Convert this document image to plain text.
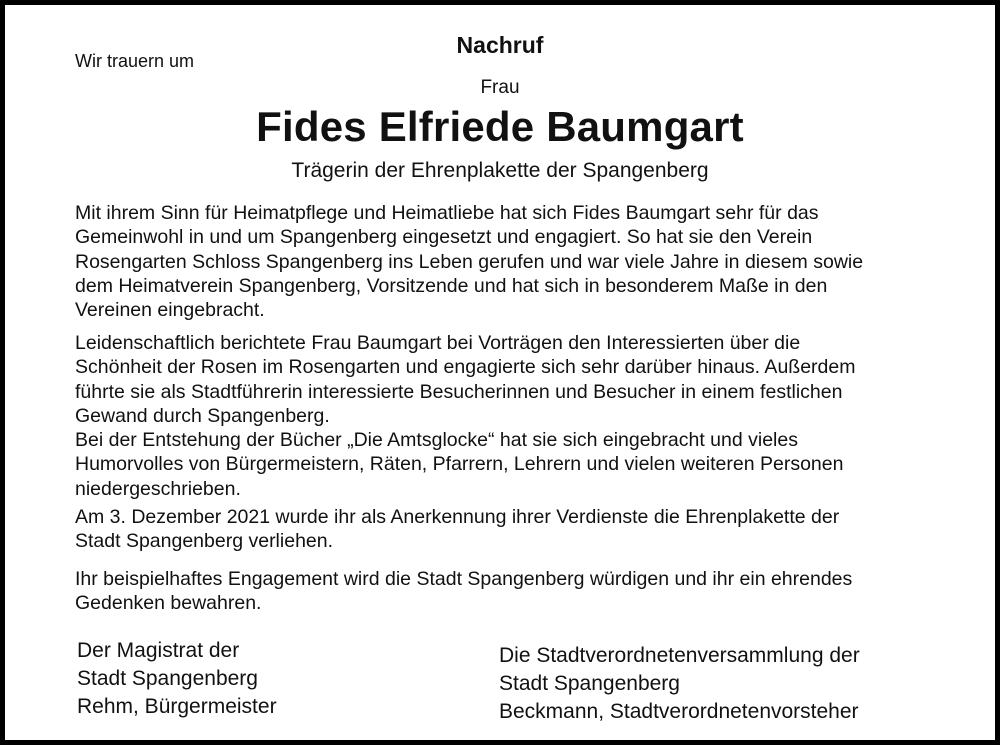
Nachruf
Wir trauern um
Frau
Fides Elfriede Baumgart
Trägerin der Ehrenplakette der Spangenberg
Mit ihrem Sinn für Heimatpflege und Heimatliebe hat sich Fides Baumgart sehr für das
Gemeinwohl in und um Spangenberg eingesetzt und engagiert. So hat sie den Verein
Rosengarten Schloss Spangenberg ins Leben gerufen und war viele Jahre in diesem sowie
dem Heimatverein Spangenberg, Vorsitzende und hat sich in besonderem Maße in den
Vereinen eingebracht.
Leidenschaftlich berichtete Frau Baumgart bei Vorträgen den Interessierten über die
Schönheit der Rosen im Rosengarten und engagierte sich sehr darüber hinaus. Außerdem
führte sie als Stadtführerin interessierte Besucherinnen und Besucher in einem festlichen
Gewand durch Spangenberg.
Bei der Entstehung der Bücher „Die Amtsglocke“ hat sie sich eingebracht und vieles
Humorvolles von Bürgermeistern, Räten, Pfarrern, Lehrern und vielen weiteren Personen
niedergeschrieben.
Am 3. Dezember 2021 wurde ihr als Anerkennung ihrer Verdienste die Ehrenplakette der
Stadt Spangenberg verliehen.
Ihr beispielhaftes Engagement wird die Stadt Spangenberg würdigen und ihr ein ehrendes
Gedenken bewahren.
Der Magistrat der
Stadt Spangenberg
Rehm, Bürgermeister
Die Stadtverordnetenversammlung der
Stadt Spangenberg
Beckmann, Stadtverordnetenvorsteher
